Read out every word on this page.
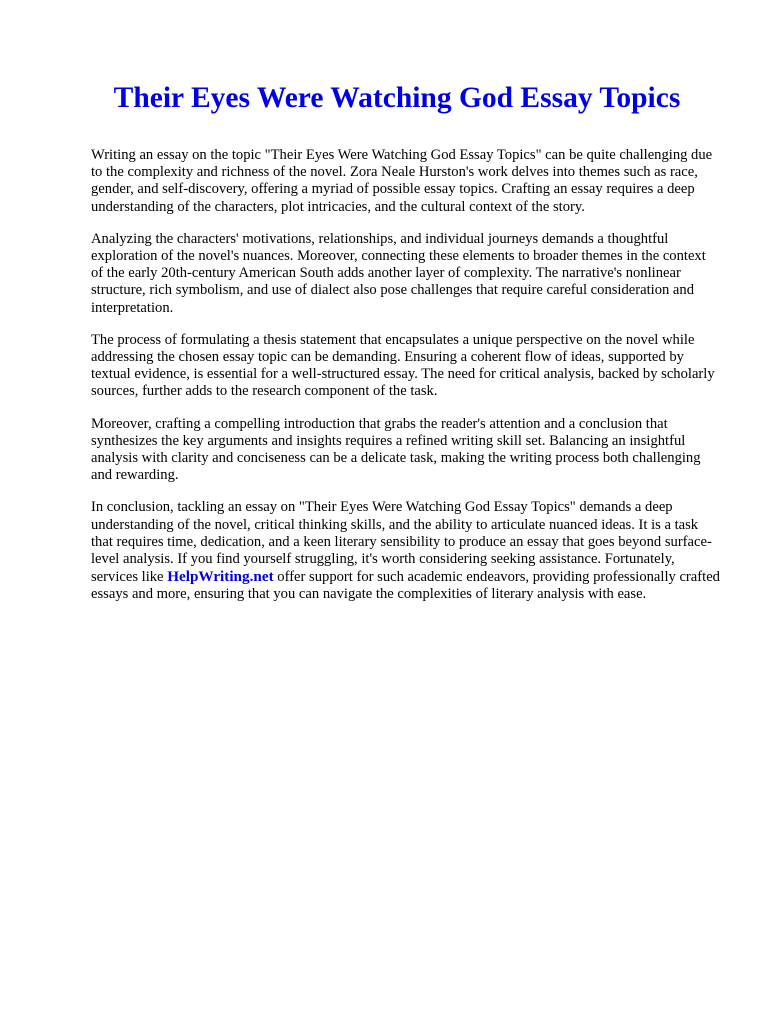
Their Eyes Were Watching God Essay Topics

Writing an essay on the topic "Their Eyes Were Watching God Essay Topics" can be quite challenging due to the complexity and richness of the novel. Zora Neale Hurston's work delves into themes such as race, gender, and self-discovery, offering a myriad of possible essay topics. Crafting an essay requires a deep understanding of the characters, plot intricacies, and the cultural context of the story.

Analyzing the characters' motivations, relationships, and individual journeys demands a thoughtful exploration of the novel's nuances. Moreover, connecting these elements to broader themes in the context of the early 20th-century American South adds another layer of complexity. The narrative's nonlinear structure, rich symbolism, and use of dialect also pose challenges that require careful consideration and interpretation.

The process of formulating a thesis statement that encapsulates a unique perspective on the novel while addressing the chosen essay topic can be demanding. Ensuring a coherent flow of ideas, supported by textual evidence, is essential for a well-structured essay. The need for critical analysis, backed by scholarly sources, further adds to the research component of the task.

Moreover, crafting a compelling introduction that grabs the reader's attention and a conclusion that synthesizes the key arguments and insights requires a refined writing skill set. Balancing an insightful analysis with clarity and conciseness can be a delicate task, making the writing process both challenging and rewarding.

In conclusion, tackling an essay on "Their Eyes Were Watching God Essay Topics" demands a deep understanding of the novel, critical thinking skills, and the ability to articulate nuanced ideas. It is a task that requires time, dedication, and a keen literary sensibility to produce an essay that goes beyond surface-level analysis. If you find yourself struggling, it's worth considering seeking assistance. Fortunately, services like HelpWriting.net offer support for such academic endeavors, providing professionally crafted essays and more, ensuring that you can navigate the complexities of literary analysis with ease.
